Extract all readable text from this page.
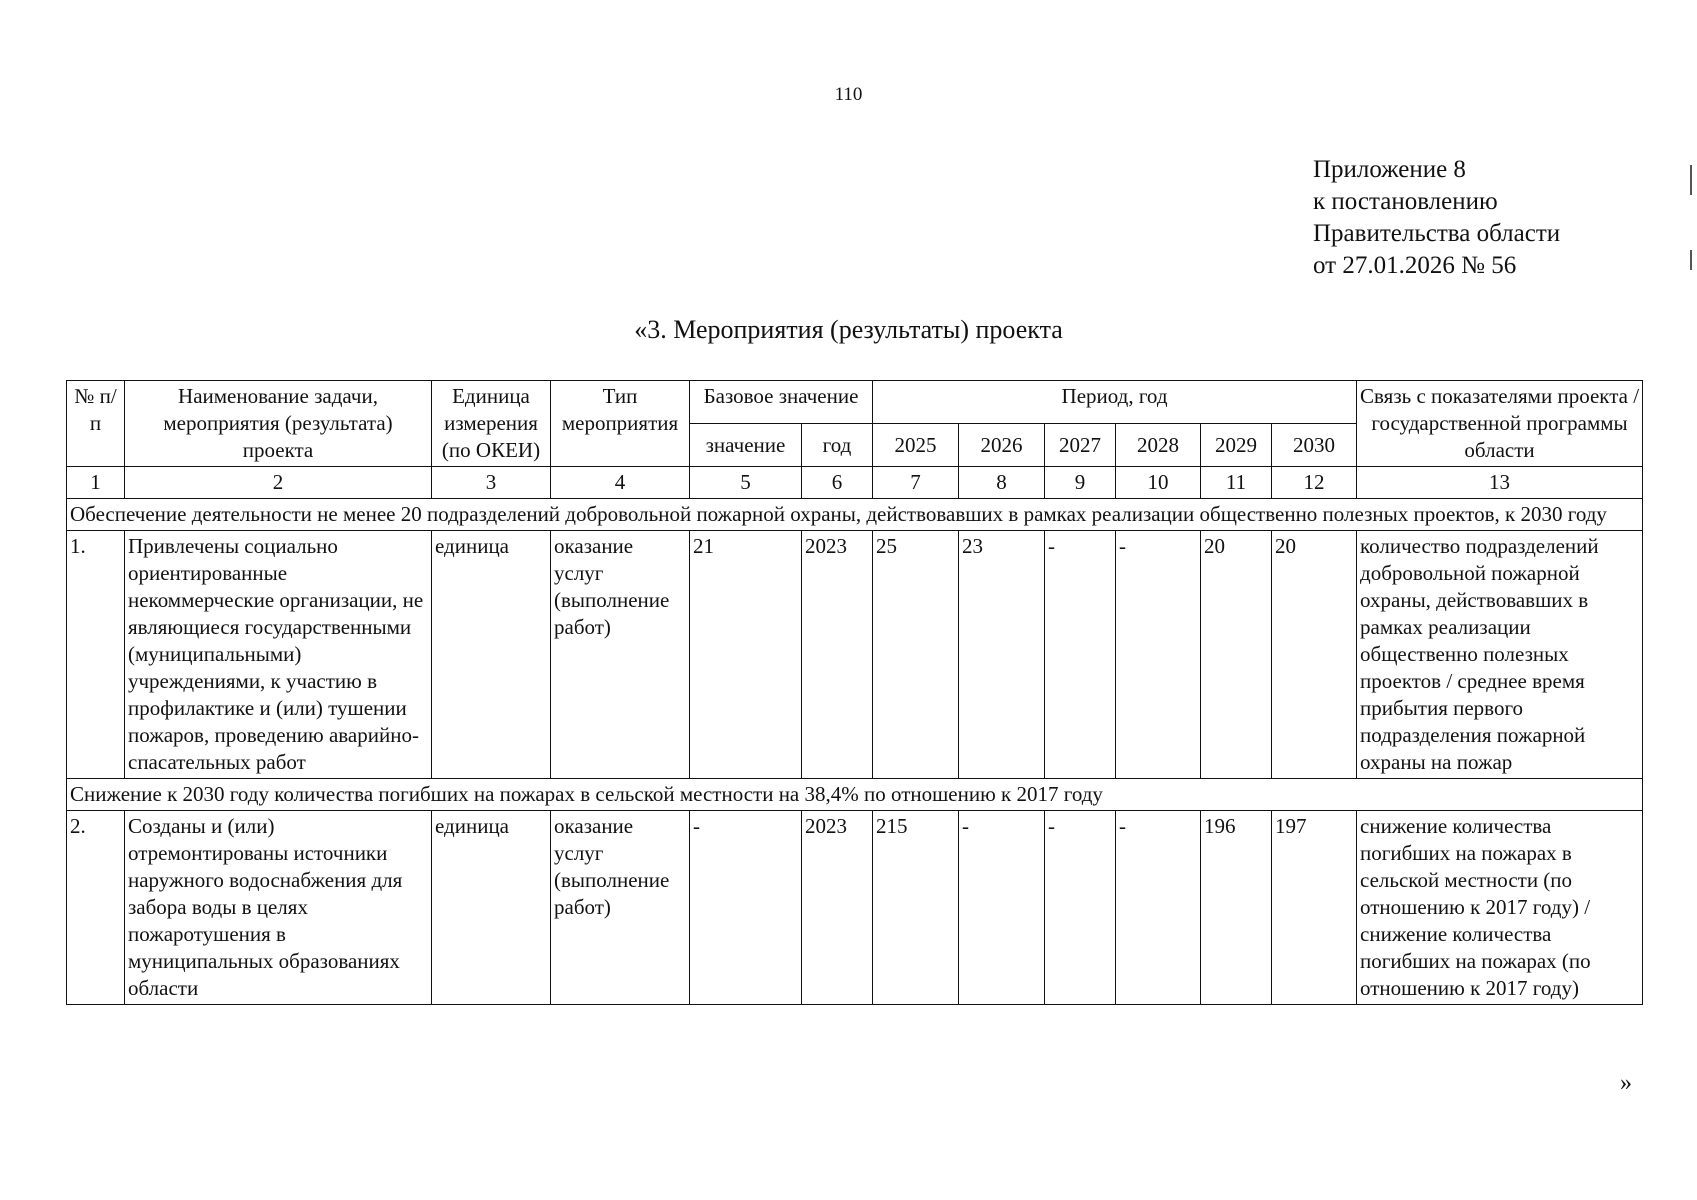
110
Приложение 8
к постановлению
Правительства области
от 27.01.2026 № 56
«3. Мероприятия (результаты) проекта
№ п/п	Наименование задачи, мероприятия (результата) проекта	Единица измерения (по ОКЕИ)	Тип мероприятия	Базовое значение		Период, год						Связь с показателями проекта / государственной программы области
				значение	год	2025	2026	2027	2028	2029	2030	
1	2	3	4	5	6	7	8	9	10	11	12	13
Обеспечение деятельности не менее 20 подразделений добровольной пожарной охраны, действовавших в рамках реализации общественно полезных проектов, к 2030 году												
1.	Привлечены социально ориентированные некоммерческие организации, не являющиеся государственными (муниципальными) учреждениями, к участию в профилактике и (или) тушении пожаров, проведению аварийно-спасательных работ	единица	оказание услуг (выполнение работ)	21	2023	25	23	-	-	20	20	количество подразделений добровольной пожарной охраны, действовавших в рамках реализации общественно полезных проектов / среднее время прибытия первого подразделения пожарной охраны на пожар
Снижение к 2030 году количества погибших на пожарах в сельской местности на 38,4% по отношению к 2017 году												
2.	Созданы и (или) отремонтированы источники наружного водоснабжения для забора воды в целях пожаротушения в муниципальных образованиях области	единица	оказание услуг (выполнение работ)	-	2023	215	-	-	-	196	197	снижение количества погибших на пожарах в сельской местности (по отношению к 2017 году) / снижение количества погибших на пожарах (по отношению к 2017 году)
»
